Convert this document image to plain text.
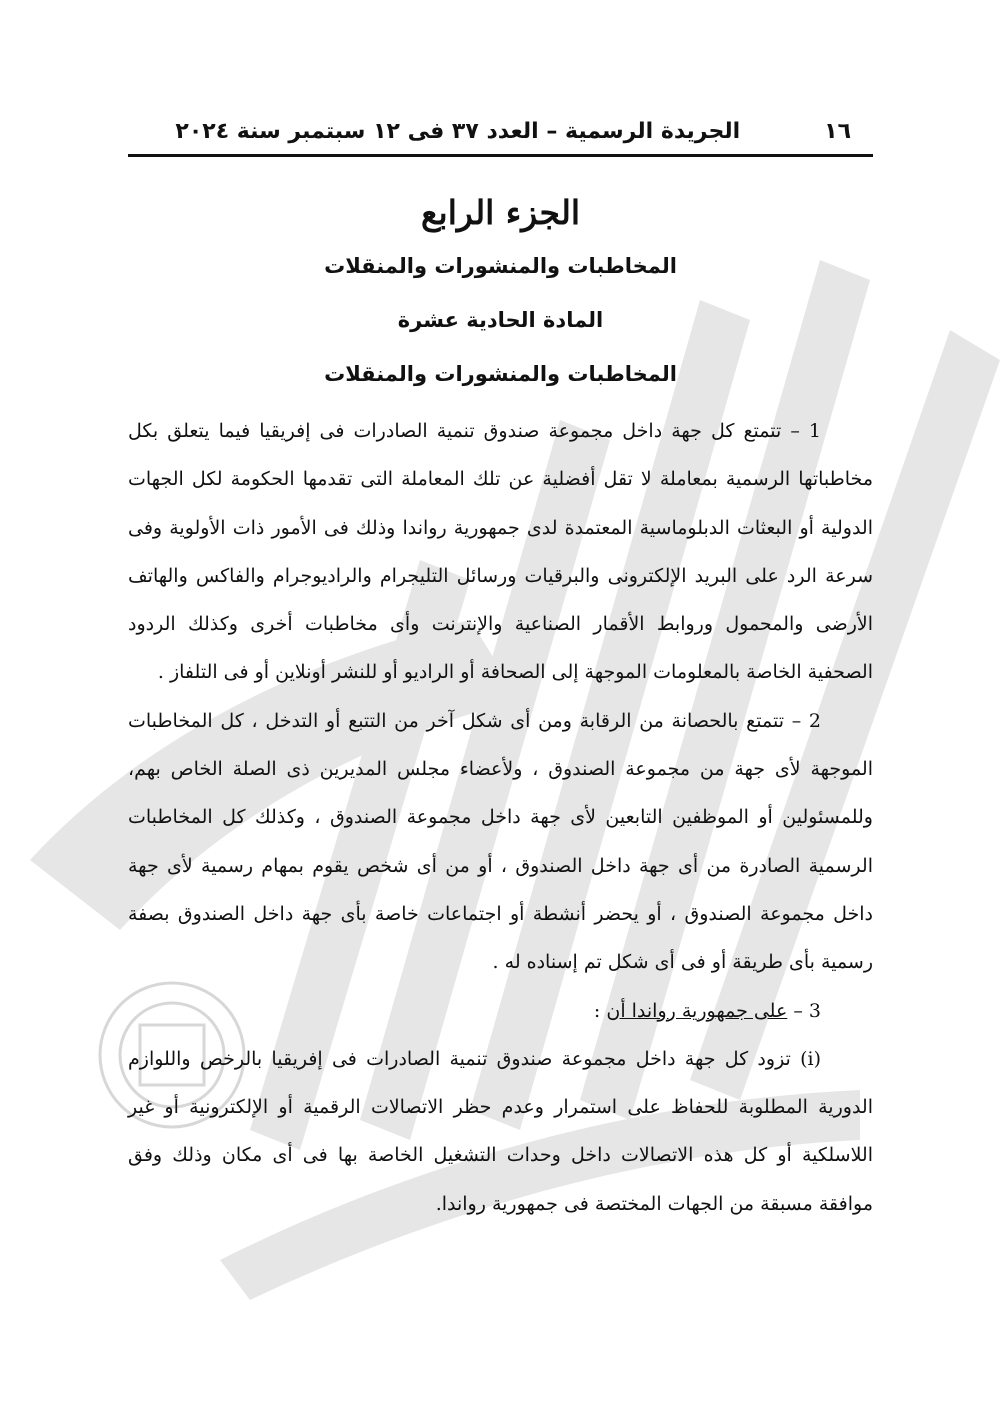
١٦
الجريدة الرسمية – العدد ٣٧ فى ١٢ سبتمبر سنة ٢٠٢٤
الجزء الرابع
المخاطبات والمنشورات والمنقلات
المادة الحادية عشرة
المخاطبات والمنشورات والمنقلات

1 – تتمتع كل جهة داخل مجموعة صندوق تنمية الصادرات فى إفريقيا فيما يتعلق بكل مخاطباتها الرسمية بمعاملة لا تقل أفضلية عن تلك المعاملة التى تقدمها الحكومة لكل الجهات الدولية أو البعثات الدبلوماسية المعتمدة لدى جمهورية رواندا وذلك فى الأمور ذات الأولوية وفى سرعة الرد على البريد الإلكترونى والبرقيات ورسائل التليجرام والراديوجرام والفاكس والهاتف الأرضى والمحمول وروابط الأقمار الصناعية والإنترنت وأى مخاطبات أخرى وكذلك الردود الصحفية الخاصة بالمعلومات الموجهة إلى الصحافة أو الراديو أو للنشر أونلاين أو فى التلفاز .

2 – تتمتع بالحصانة من الرقابة ومن أى شكل آخر من التتبع أو التدخل ، كل المخاطبات الموجهة لأى جهة من مجموعة الصندوق ، ولأعضاء مجلس المديرين ذى الصلة الخاص بهم، وللمسئولين أو الموظفين التابعين لأى جهة داخل مجموعة الصندوق ، وكذلك كل المخاطبات الرسمية الصادرة من أى جهة داخل الصندوق ، أو من أى شخص يقوم بمهام رسمية لأى جهة داخل مجموعة الصندوق ، أو يحضر أنشطة أو اجتماعات خاصة بأى جهة داخل الصندوق بصفة رسمية بأى طريقة أو فى أى شكل تم إسناده له .

3 – على جمهورية رواندا أن :

(i) تزود كل جهة داخل مجموعة صندوق تنمية الصادرات فى إفريقيا بالرخص واللوازم الدورية المطلوبة للحفاظ على استمرار وعدم حظر الاتصالات الرقمية أو الإلكترونية أو غير اللاسلكية أو كل هذه الاتصالات داخل وحدات التشغيل الخاصة بها فى أى مكان وذلك وفق موافقة مسبقة من الجهات المختصة فى جمهورية رواندا.
